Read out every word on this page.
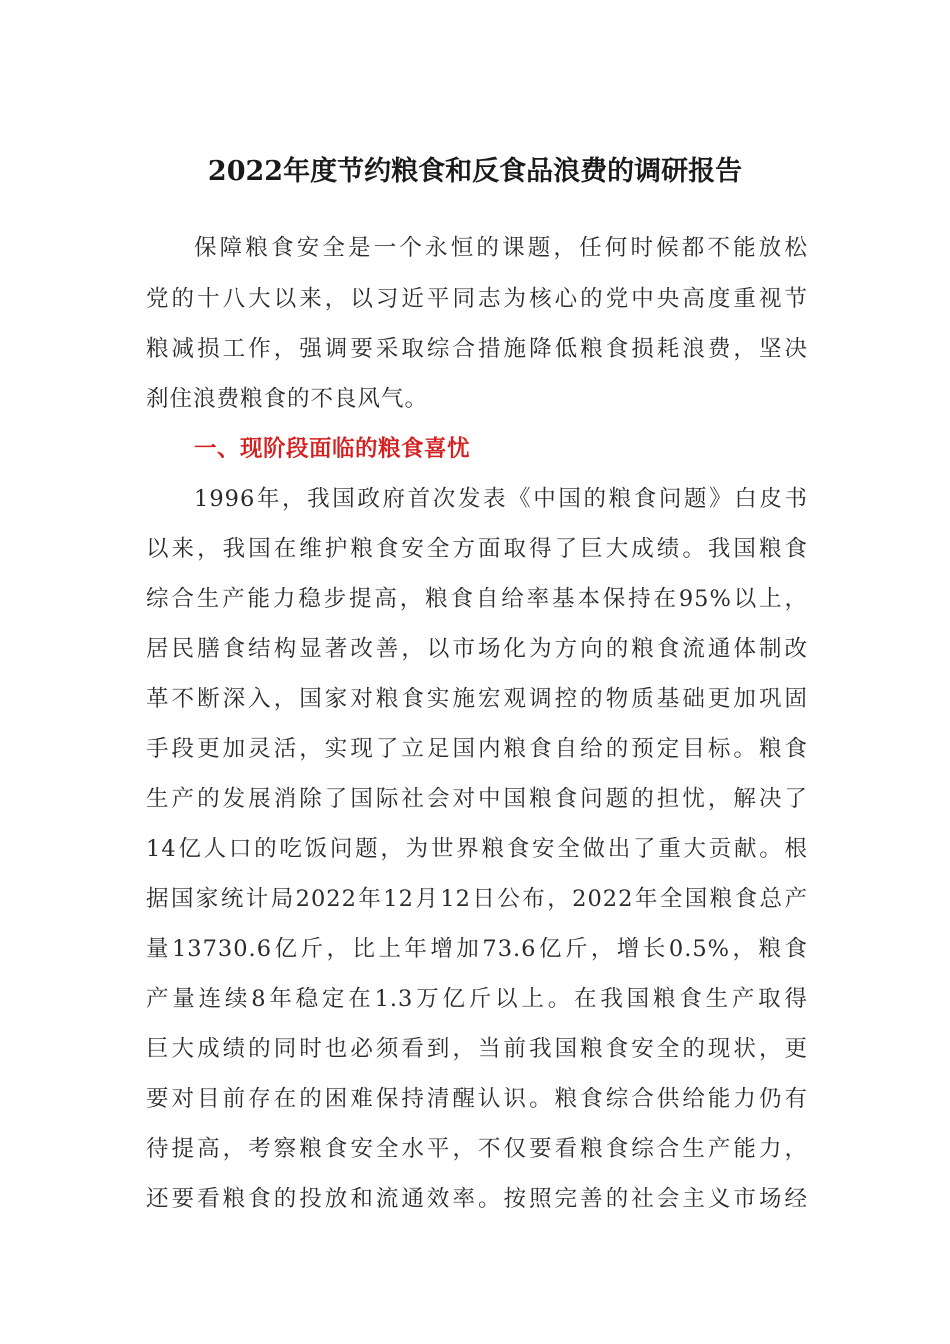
2022年度节约粮食和反食品浪费的调研报告
保障粮食安全是一个永恒的课题，任何时候都不能放松
党的十八大以来，以习近平同志为核心的党中央高度重视节
粮减损工作，强调要采取综合措施降低粮食损耗浪费，坚决
刹住浪费粮食的不良风气。
一、现阶段面临的粮食喜忧
1996年，我国政府首次发表《中国的粮食问题》白皮书
以来，我国在维护粮食安全方面取得了巨大成绩。我国粮食
综合生产能力稳步提高，粮食自给率基本保持在95%以上，
居民膳食结构显著改善，以市场化为方向的粮食流通体制改
革不断深入，国家对粮食实施宏观调控的物质基础更加巩固
手段更加灵活，实现了立足国内粮食自给的预定目标。粮食
生产的发展消除了国际社会对中国粮食问题的担忧，解决了
14亿人口的吃饭问题，为世界粮食安全做出了重大贡献。根
据国家统计局2022年12月12日公布，2022年全国粮食总产
量13730.6亿斤，比上年增加73.6亿斤，增长0.5%，粮食
产量连续8年稳定在1.3万亿斤以上。在我国粮食生产取得
巨大成绩的同时也必须看到，当前我国粮食安全的现状，更
要对目前存在的困难保持清醒认识。粮食综合供给能力仍有
待提高，考察粮食安全水平，不仅要看粮食综合生产能力，
还要看粮食的投放和流通效率。按照完善的社会主义市场经
